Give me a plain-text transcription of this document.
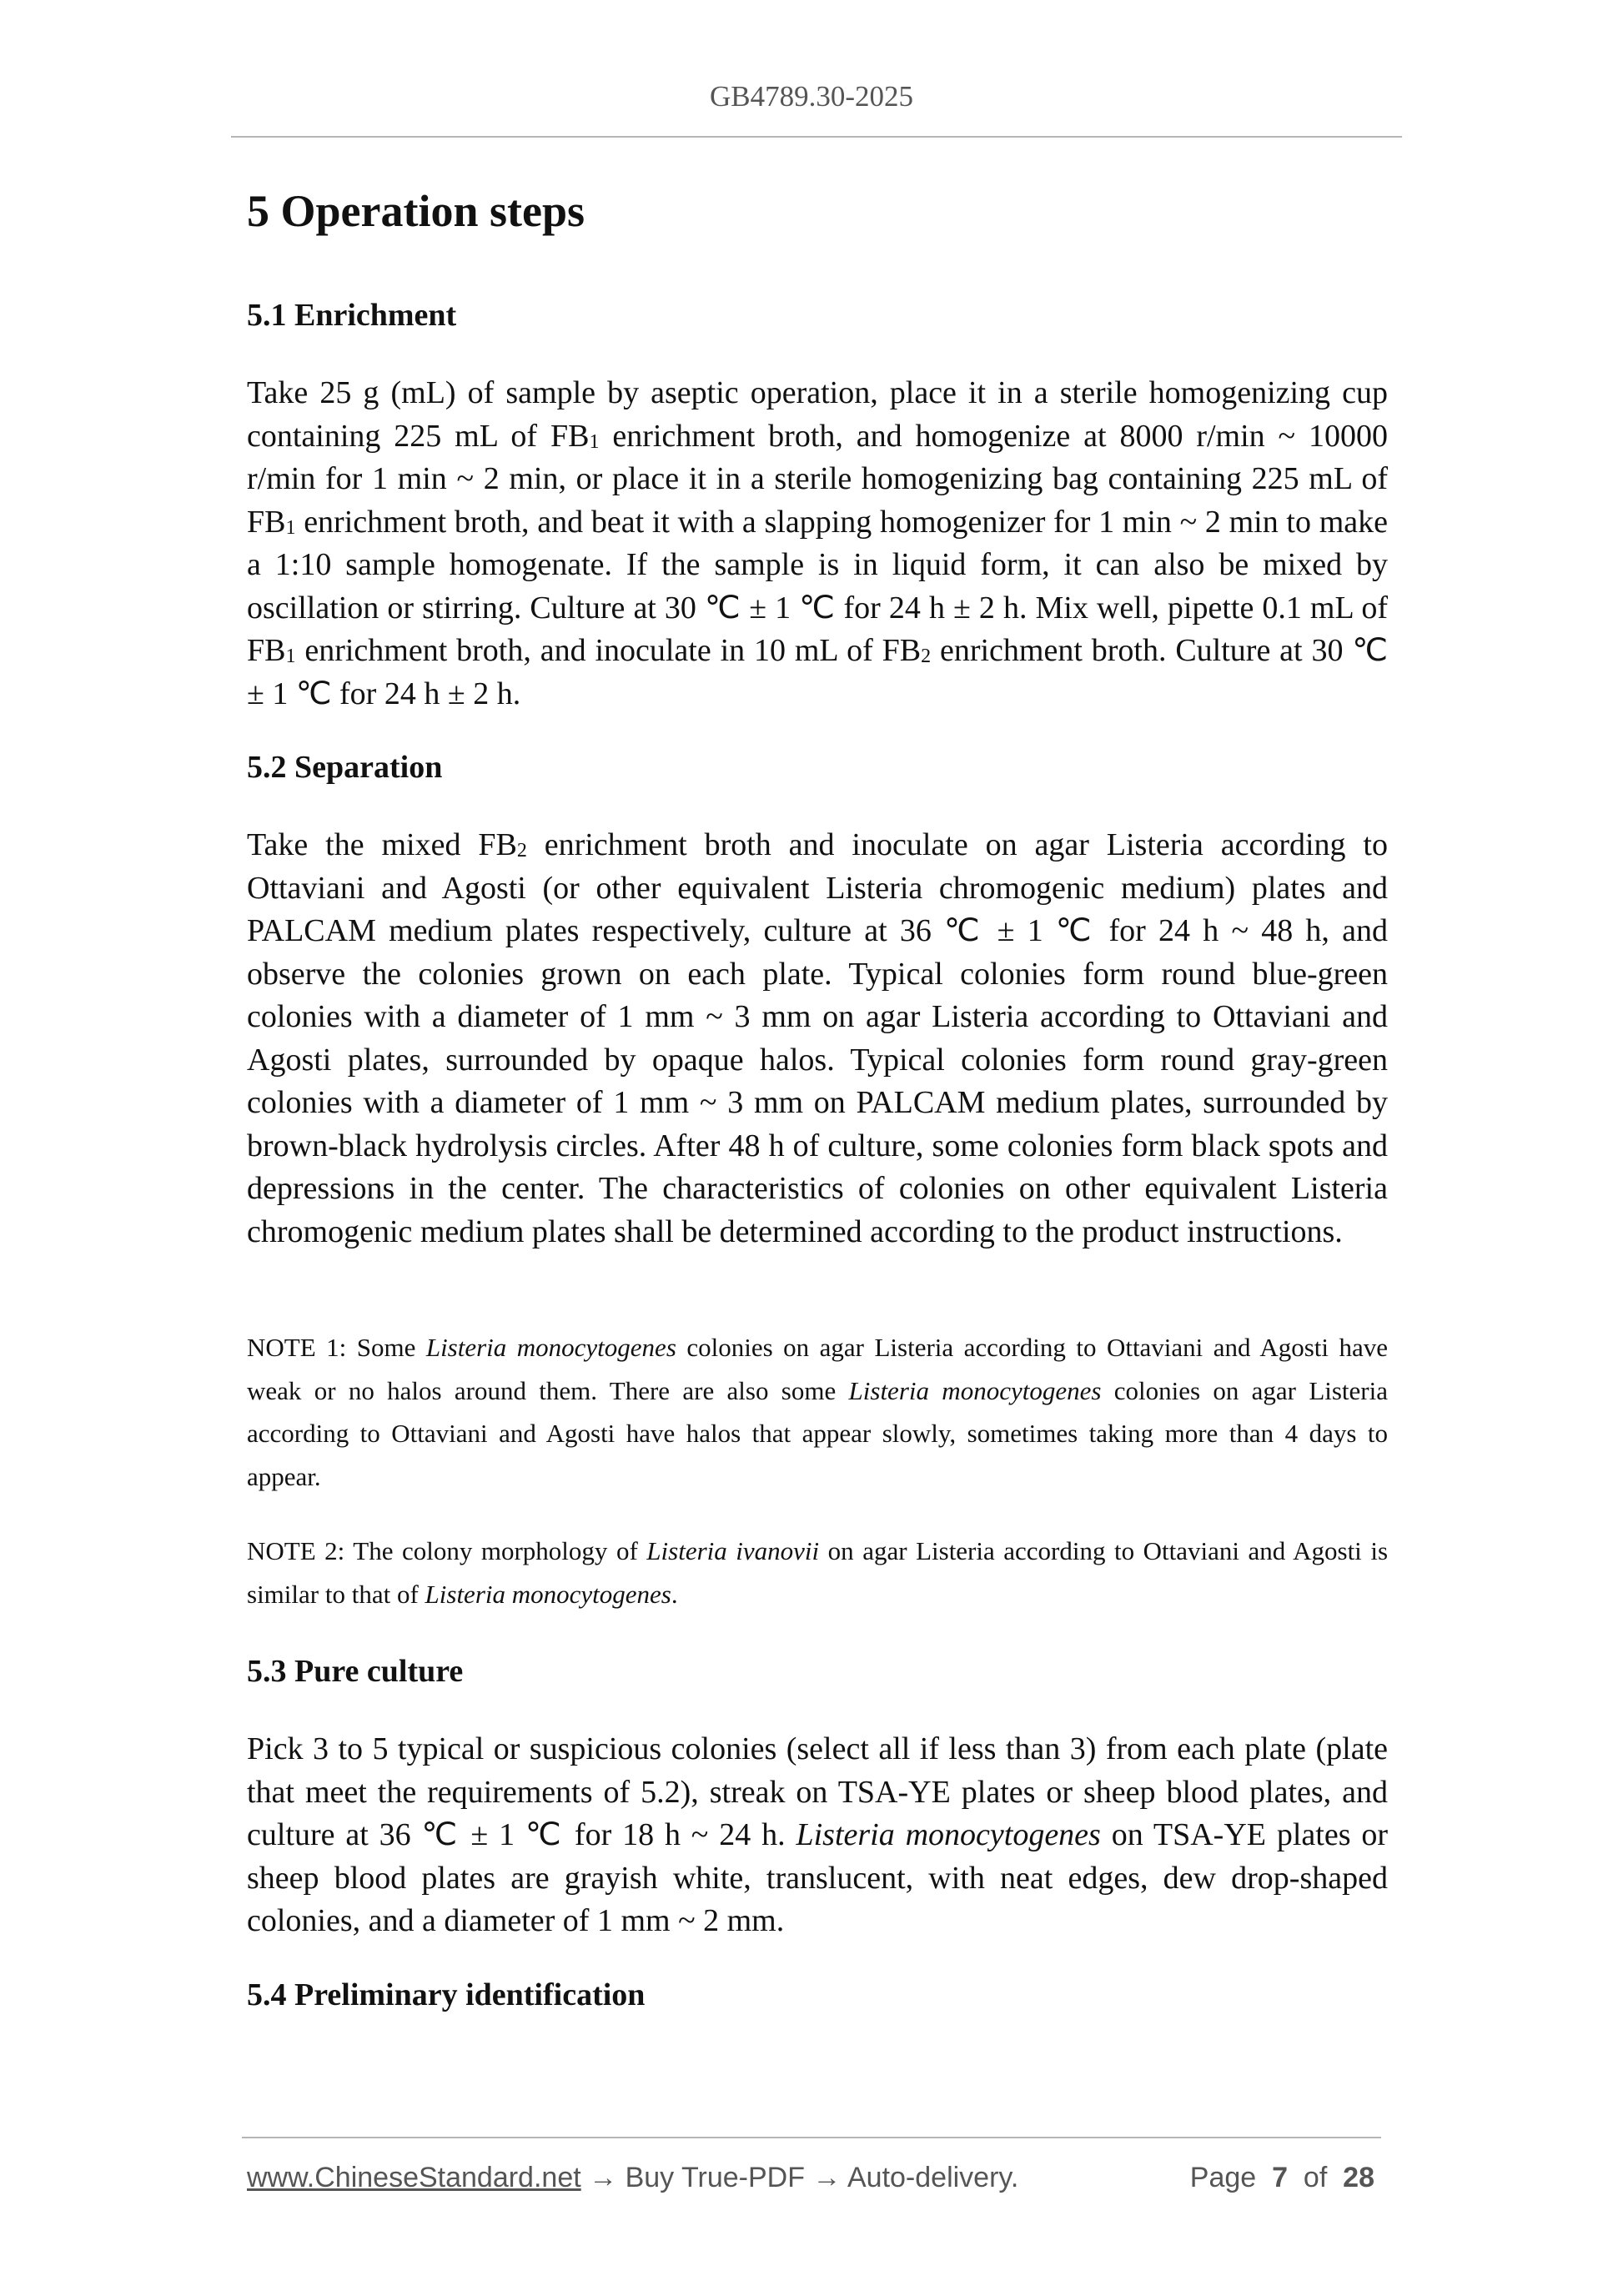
GB4789.30-2025
5 Operation steps
5.1 Enrichment

Take 25 g (mL) of sample by aseptic operation, place it in a sterile homogenizing cup containing 225 mL of $FB_1$ enrichment broth, and homogenize at 8000 r/min ~ 10000 r/min for 1 min ~ 2 min, or place it in a sterile homogenizing bag containing 225 mL of $FB_1$ enrichment broth, and beat it with a slapping homogenizer for 1 min ~ 2 min to make a 1:10 sample homogenate. If the sample is in liquid form, it can also be mixed by oscillation or stirring. Culture at 30 ℃ ± 1 ℃ for 24 h ± 2 h. Mix well, pipette 0.1 mL of $FB_1$ enrichment broth, and inoculate in 10 mL of $FB_2$ enrichment broth. Culture at 30 ℃ ± 1 ℃ for 24 h ± 2 h.

5.2 Separation

Take the mixed $FB_2$ enrichment broth and inoculate on agar Listeria according to Ottaviani and Agosti (or other equivalent Listeria chromogenic medium) plates and PALCAM medium plates respectively, culture at 36 ℃ ± 1 ℃ for 24 h ~ 48 h, and observe the colonies grown on each plate. Typical colonies form round blue-green colonies with a diameter of 1 mm ~ 3 mm on agar Listeria according to Ottaviani and Agosti plates, surrounded by opaque halos. Typical colonies form round gray-green colonies with a diameter of 1 mm ~ 3 mm on PALCAM medium plates, surrounded by brown-black hydrolysis circles. After 48 h of culture, some colonies form black spots and depressions in the center. The characteristics of colonies on other equivalent Listeria chromogenic medium plates shall be determined according to the product instructions.

NOTE 1: Some Listeria monocytogenes colonies on agar Listeria according to Ottaviani and Agosti have weak or no halos around them. There are also some Listeria monocytogenes colonies on agar Listeria according to Ottaviani and Agosti have halos that appear slowly, sometimes taking more than 4 days to appear.

NOTE 2: The colony morphology of Listeria ivanovii on agar Listeria according to Ottaviani and Agosti is similar to that of Listeria monocytogenes.

5.3 Pure culture

Pick 3 to 5 typical or suspicious colonies (select all if less than 3) from each plate (plate that meet the requirements of 5.2), streak on TSA-YE plates or sheep blood plates, and culture at 36 ℃ ± 1 ℃ for 18 h ~ 24 h. Listeria monocytogenes on TSA-YE plates or sheep blood plates are grayish white, translucent, with neat edges, dew drop-shaped colonies, and a diameter of 1 mm ~ 2 mm.

5.4 Preliminary identification
www.ChineseStandard.net → Buy True-PDF → Auto-delivery.	Page 7 of 28
